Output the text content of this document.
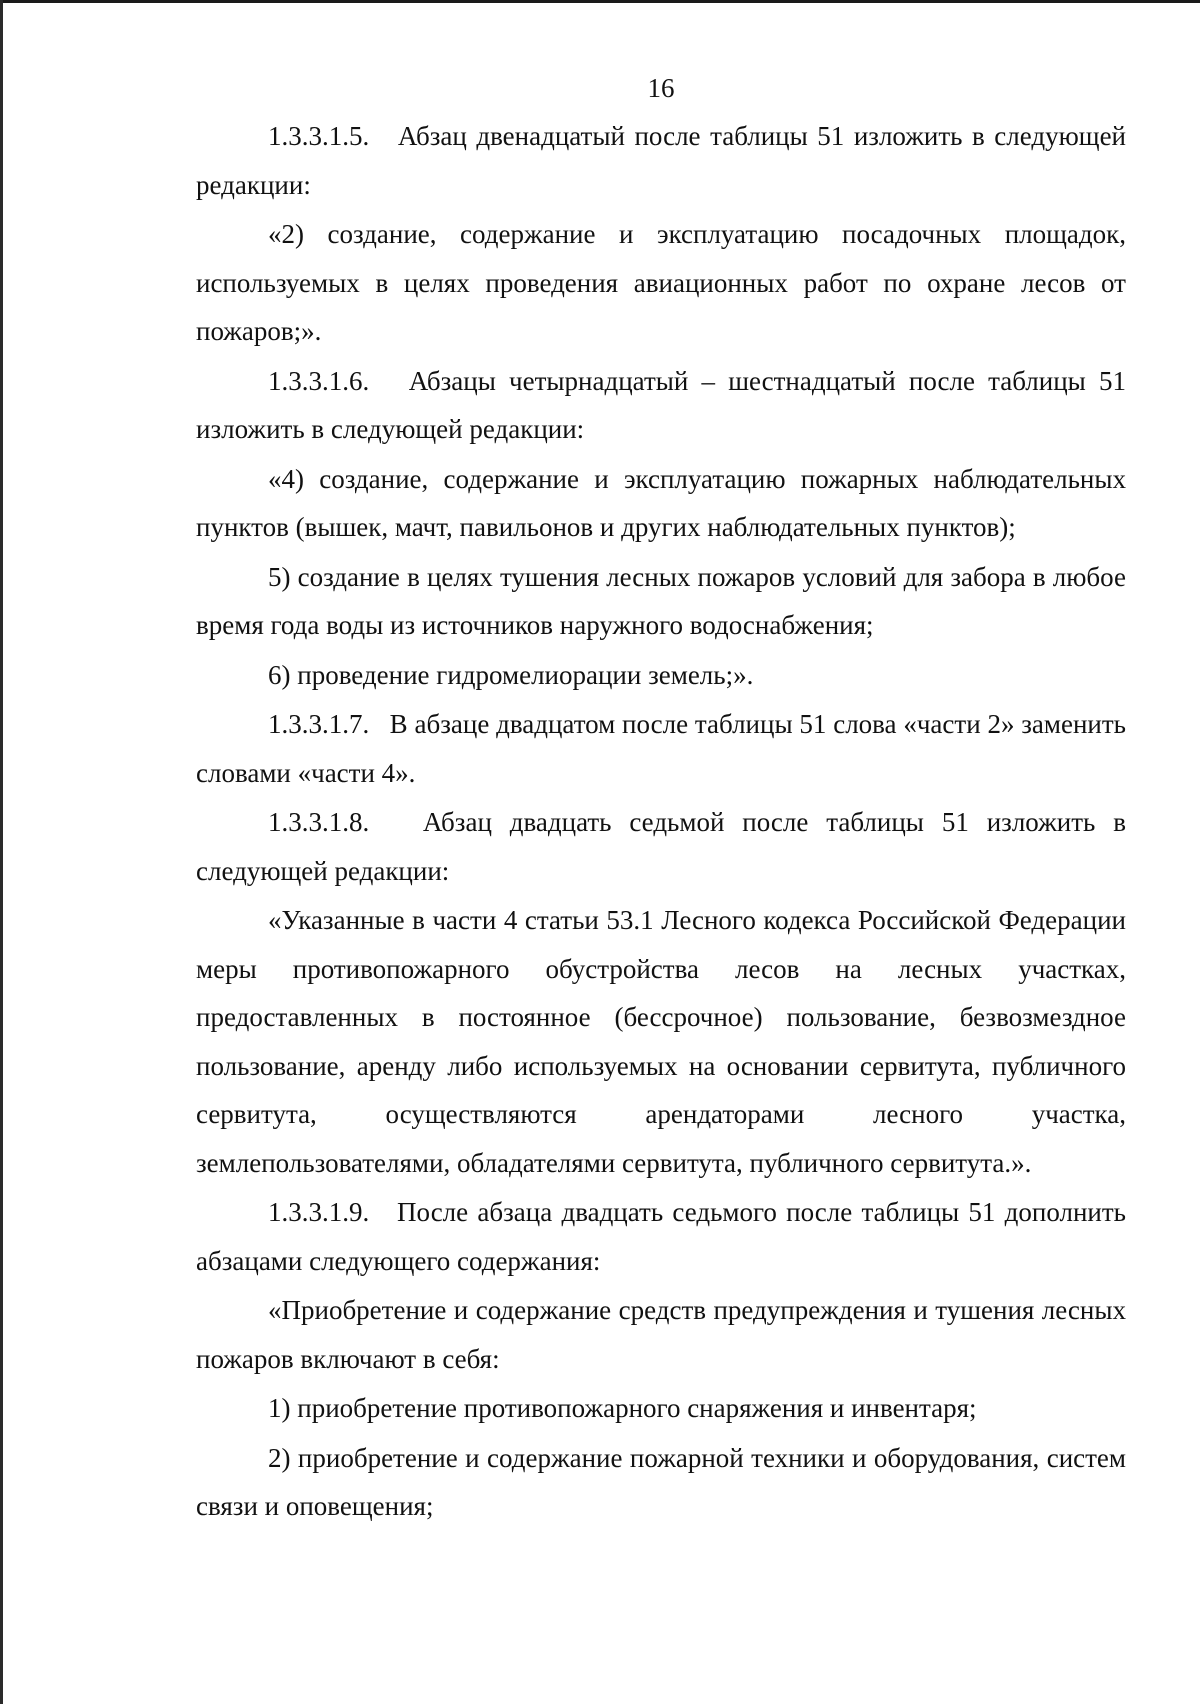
16

1.3.3.1.5.   Абзац двенадцатый после таблицы 51 изложить в следующей редакции:

«2) создание, содержание и эксплуатацию посадочных площадок, используемых в целях проведения авиационных работ по охране лесов от пожаров;».

1.3.3.1.6.   Абзацы четырнадцатый – шестнадцатый после таблицы 51 изложить в следующей редакции:

«4) создание, содержание и эксплуатацию пожарных наблюдательных пунктов (вышек, мачт, павильонов и других наблюдательных пунктов);

5) создание в целях тушения лесных пожаров условий для забора в любое время года воды из источников наружного водоснабжения;

6) проведение гидромелиорации земель;».

1.3.3.1.7.   В абзаце двадцатом после таблицы 51 слова «части 2» заменить словами «части 4».

1.3.3.1.8.   Абзац двадцать седьмой после таблицы 51 изложить в следующей редакции:

«Указанные в части 4 статьи 53.1 Лесного кодекса Российской Федерации меры противопожарного обустройства лесов на лесных участках, предоставленных в постоянное (бессрочное) пользование, безвозмездное пользование, аренду либо используемых на основании сервитута, публичного сервитута, осуществляются арендаторами лесного участка, землепользователями, обладателями сервитута, публичного сервитута.».

1.3.3.1.9.   После абзаца двадцать седьмого после таблицы 51 дополнить абзацами следующего содержания:

«Приобретение и содержание средств предупреждения и тушения лесных пожаров включают в себя:

1) приобретение противопожарного снаряжения и инвентаря;

2) приобретение и содержание пожарной техники и оборудования, систем связи и оповещения;
